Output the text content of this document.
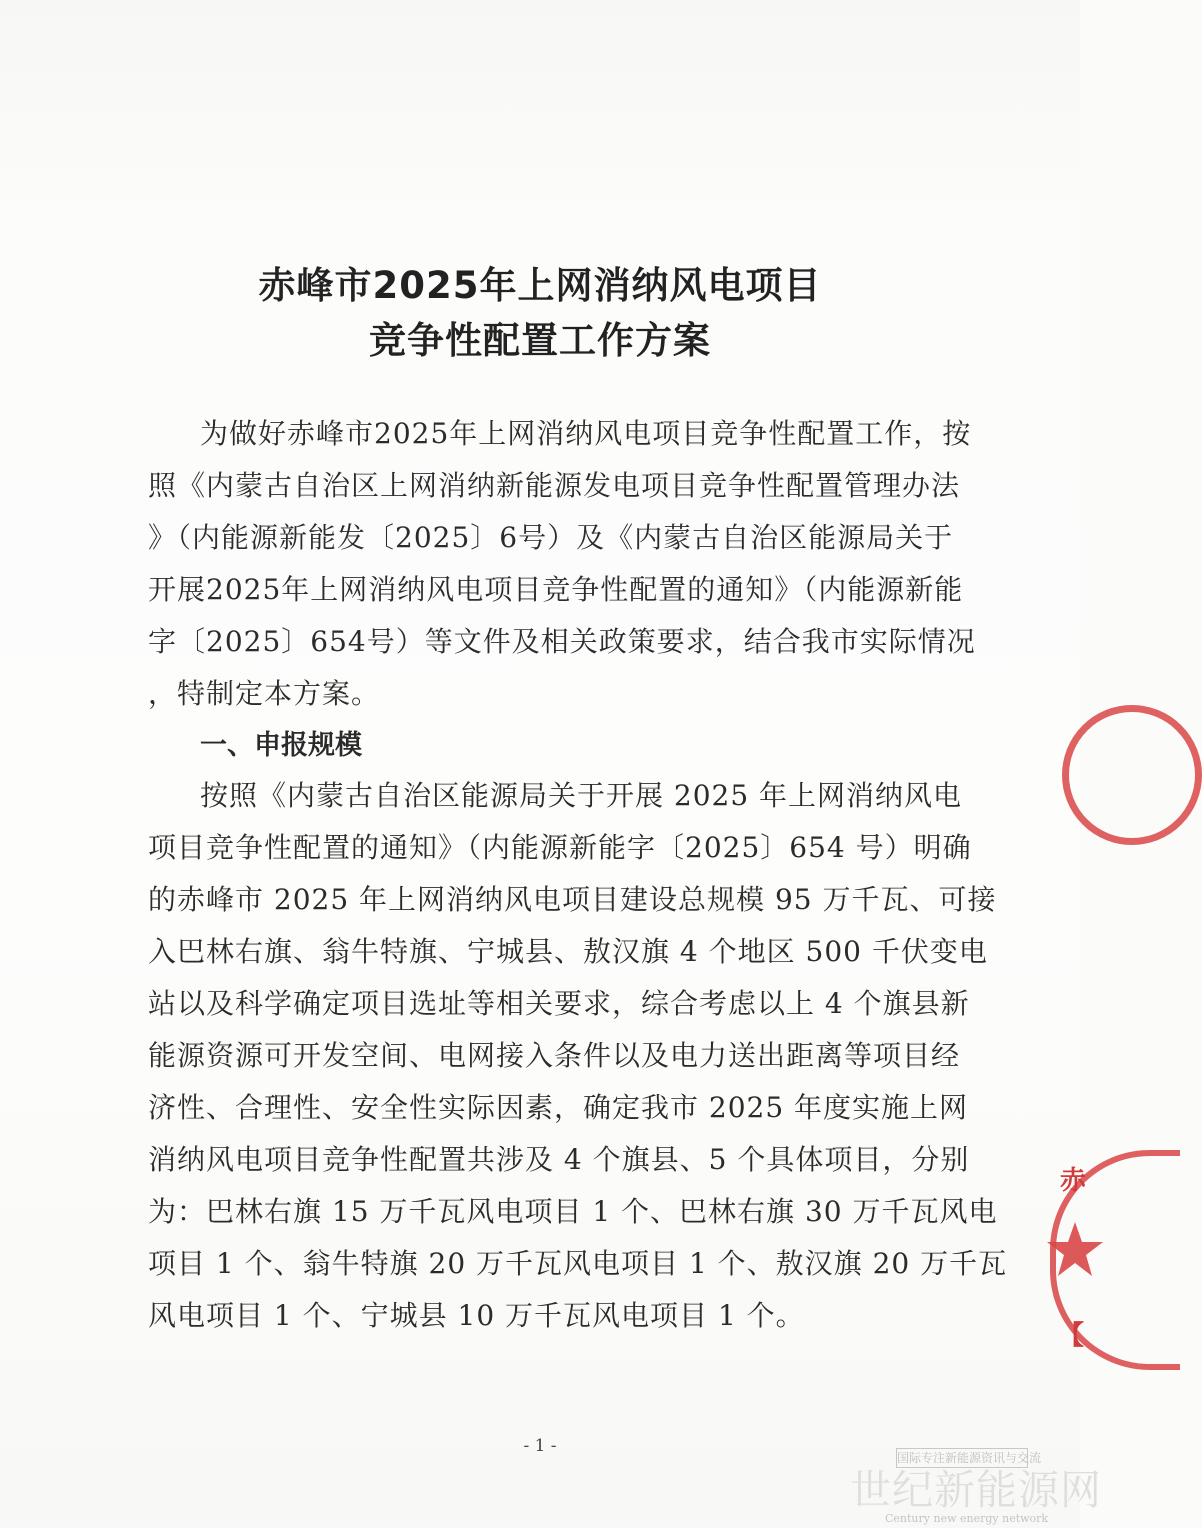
赤峰市2025年上网消纳风电项目
竞争性配置工作方案
为做好赤峰市2025年上网消纳风电项目竞争性配置工作，按
照《内蒙古自治区上网消纳新能源发电项目竞争性配置管理办法
》（内能源新能发〔2025〕6号）及《内蒙古自治区能源局关于
开展2025年上网消纳风电项目竞争性配置的通知》（内能源新能
字〔2025〕654号）等文件及相关政策要求，结合我市实际情况
，特制定本方案。
一、申报规模
按照《内蒙古自治区能源局关于开展 2025 年上网消纳风电
项目竞争性配置的通知》（内能源新能字〔2025〕654 号）明确
的赤峰市 2025 年上网消纳风电项目建设总规模 95 万千瓦、可接
入巴林右旗、翁牛特旗、宁城县、敖汉旗 4 个地区 500 千伏变电
站以及科学确定项目选址等相关要求，综合考虑以上 4 个旗县新
能源资源可开发空间、电网接入条件以及电力送出距离等项目经
济性、合理性、安全性实际因素，确定我市 2025 年度实施上网
消纳风电项目竞争性配置共涉及 4 个旗县、5 个具体项目，分别
为：巴林右旗 15 万千瓦风电项目 1 个、巴林右旗 30 万千瓦风电
项目 1 个、翁牛特旗 20 万千瓦风电项目 1 个、敖汉旗 20 万千瓦
风电项目 1 个、宁城县 10 万千瓦风电项目 1 个。
- 1 -
赤
【
国际专注新能源资讯与交流
世纪新能源网
Century new energy network
